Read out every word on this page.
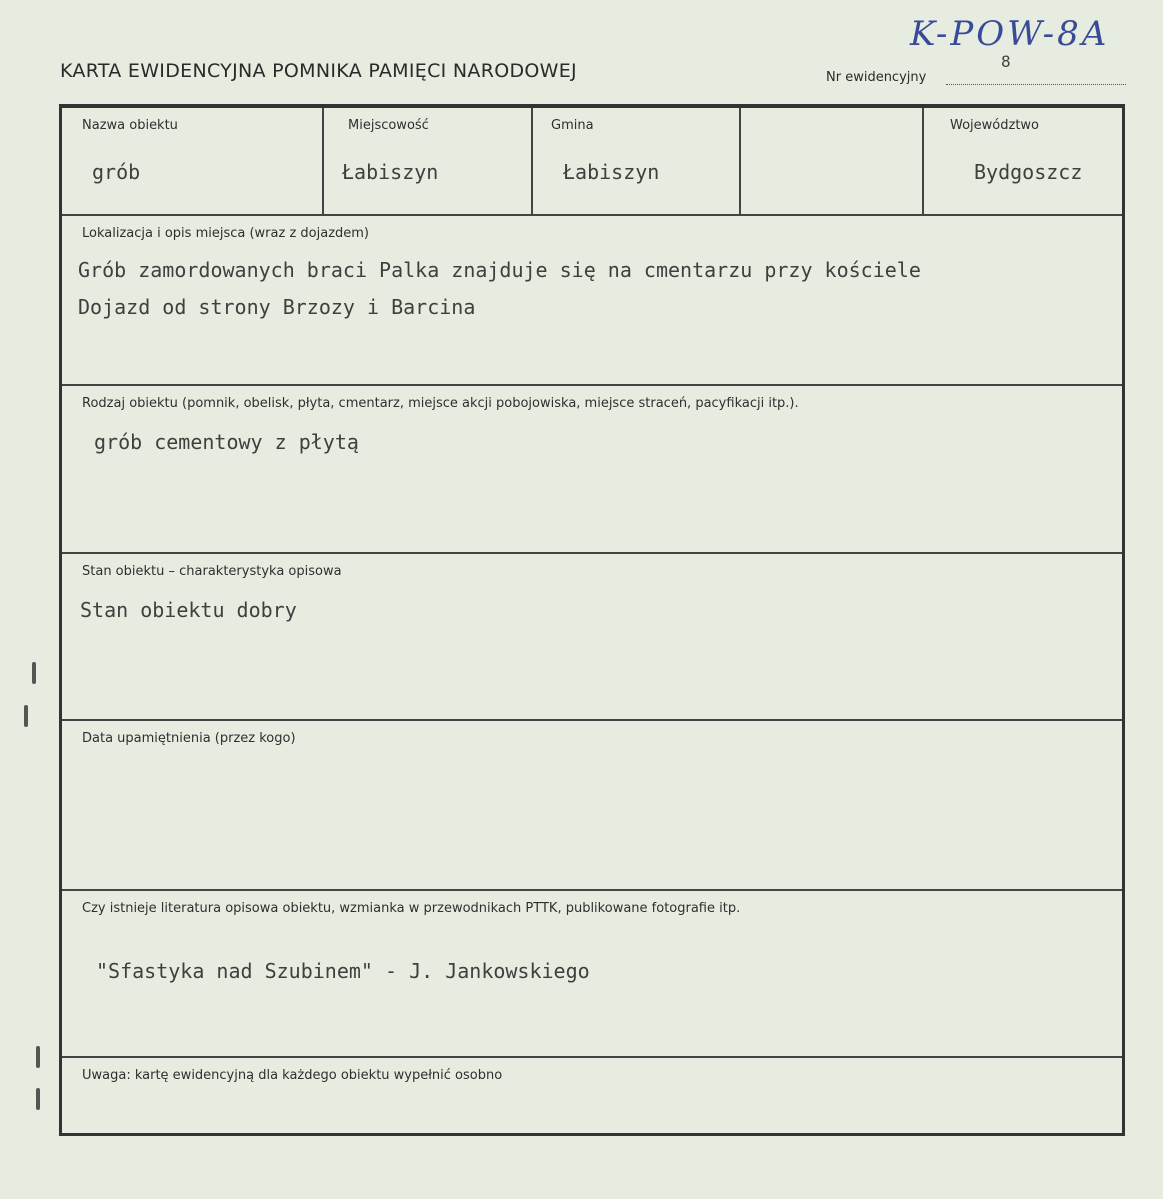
K-POW-8A
KARTA EWIDENCYJNA POMNIKA PAMIĘCI NARODOWEJ	Nr ewidencyjny
8
Nazwa obiektu
grób
Miejscowość
Łabiszyn
Gmina
Łabiszyn
Województwo
Bydgoszcz
Lokalizacja i opis miejsca (wraz z dojazdem)
Grób zamordowanych braci Palka znajduje się na cmentarzu przy kościele
Dojazd od strony Brzozy i Barcina
Rodzaj obiektu (pomnik, obelisk, płyta, cmentarz, miejsce akcji pobojowiska, miejsce straceń, pacyfikacji itp.).
grób cementowy z płytą
Stan obiektu – charakterystyka opisowa
Stan obiektu dobry
Data upamiętnienia (przez kogo)
Czy istnieje literatura opisowa obiektu, wzmianka w przewodnikach PTTK, publikowane fotografie itp.
"Sfastyka nad Szubinem" - J. Jankowskiego
Uwaga: kartę ewidencyjną dla każdego obiektu wypełnić osobno
